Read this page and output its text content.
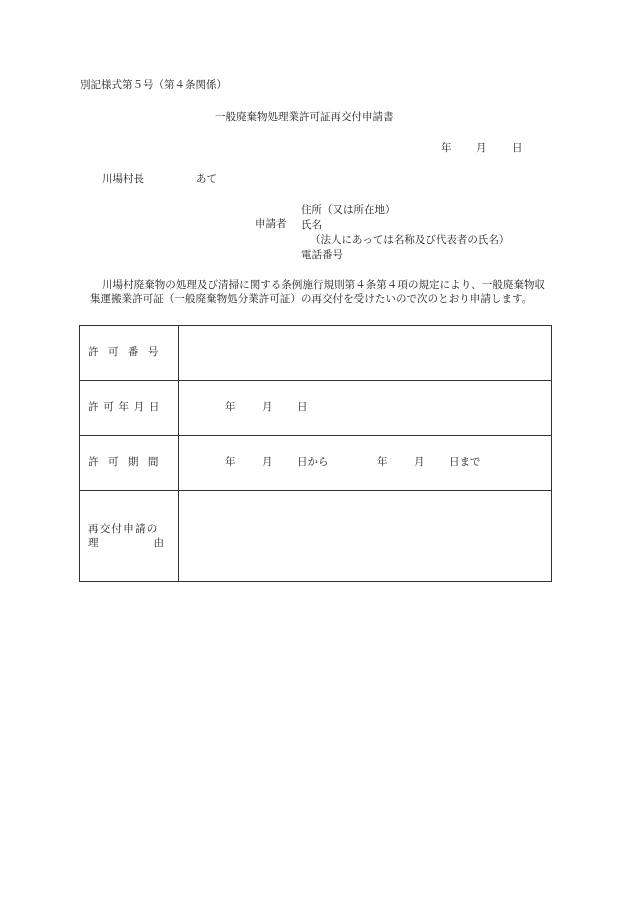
別記様式第５号（第４条関係）
一般廃棄物処理業許可証再交付申請書
年 月 日
川場村長	あて
申請者
住所（又は所在地）
氏名
（法人にあっては名称及び代表者の氏名）
電話番号
川場村廃棄物の処理及び清掃に関する条例施行規則第４条第４項の規定により、一般廃棄物収集運搬業許可証（一般廃棄物処分業許可証）の再交付を受けたいので次のとおり申請します。
許可番号	
許可年月日	年 月 日
許可期間	年 月 日から 年 月 日まで

再交付申請の
理 由	
